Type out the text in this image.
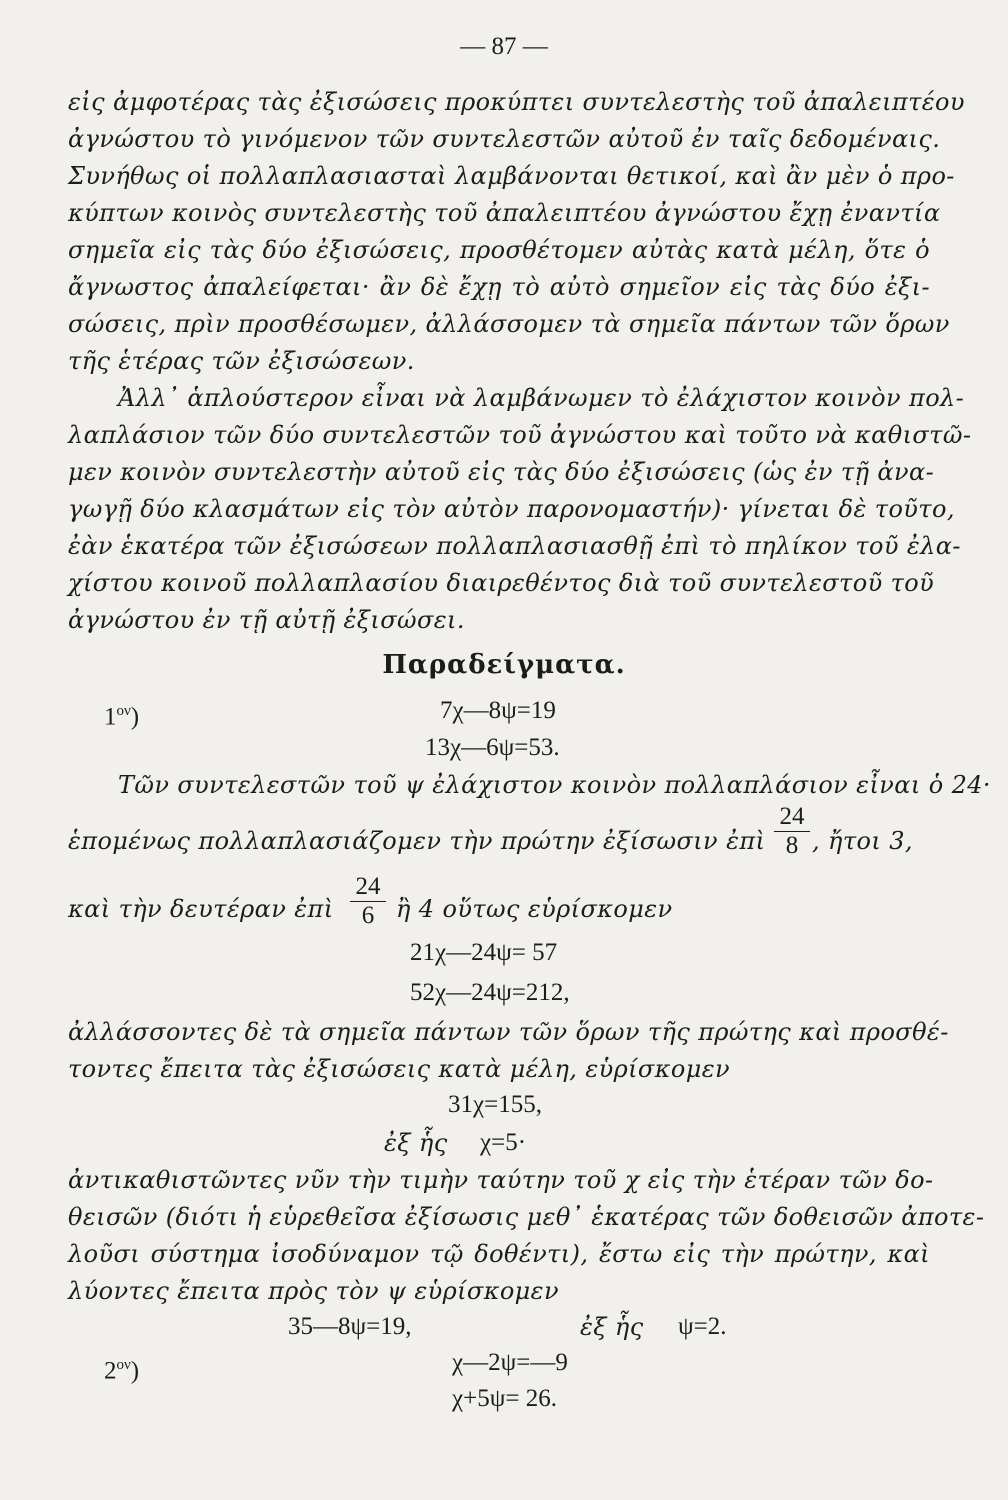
— 87 —
εἰς ἀμφοτέρας τὰς ἐξισώσεις προκύπτει συντελεστὴς τοῦ ἀπαλειπτέου
ἀγνώστου τὸ γινόμενον τῶν συντελεστῶν αὐτοῦ ἐν ταῖς δεδομέναις.
Συνήθως οἱ πολλαπλασιασταὶ λαμβάνονται θετικοί, καὶ ἂν μὲν ὁ προ-
κύπτων κοινὸς συντελεστὴς τοῦ ἀπαλειπτέου ἀγνώστου ἔχῃ ἐναντία
σημεῖα εἰς τὰς δύο ἐξισώσεις, προσθέτομεν αὐτὰς κατὰ μέλη, ὅτε ὁ
ἄγνωστος ἀπαλείφεται· ἂν δὲ ἔχῃ τὸ αὐτὸ σημεῖον εἰς τὰς δύο ἐξι-
σώσεις, πρὶν προσθέσωμεν, ἀλλάσσομεν τὰ σημεῖα πάντων τῶν ὅρων
τῆς ἑτέρας τῶν ἐξισώσεων.
Ἀλλ᾽ ἁπλούστερον εἶναι νὰ λαμβάνωμεν τὸ ἐλάχιστον κοινὸν πολ-
λαπλάσιον τῶν δύο συντελεστῶν τοῦ ἀγνώστου καὶ τοῦτο νὰ καθιστῶ-
μεν κοινὸν συντελεστὴν αὐτοῦ εἰς τὰς δύο ἐξισώσεις (ὡς ἐν τῇ ἀνα-
γωγῇ δύο κλασμάτων εἰς τὸν αὐτὸν παρονομαστήν)· γίνεται δὲ τοῦτο,
ἐὰν ἑκατέρα τῶν ἐξισώσεων πολλαπλασιασθῇ ἐπὶ τὸ πηλίκον τοῦ ἐλα-
χίστου κοινοῦ πολλαπλασίου διαιρεθέντος διὰ τοῦ συντελεστοῦ τοῦ
ἀγνώστου ἐν τῇ αὐτῇ ἐξισώσει.
Παραδείγματα.
$1^{o\nu}$)	7χ—8ψ=19
13χ—6ψ=53.
Τῶν συντελεστῶν τοῦ ψ ἐλάχιστον κοινὸν πολλαπλάσιον εἶναι ὁ 24·
ἑπομένως πολλαπλασιάζομεν τὴν πρώτην ἐξίσωσιν ἐπὶ
24
8 , ἤτοι 3,
καὶ τὴν δευτέραν ἐπὶ
24
6 ἢ 4 οὕτως εὑρίσκομεν
21χ—24ψ= 57
52χ—24ψ=212,
ἀλλάσσοντες δὲ τὰ σημεῖα πάντων τῶν ὅρων τῆς πρώτης καὶ προσθέ-
τοντες ἔπειτα τὰς ἐξισώσεις κατὰ μέλη, εὑρίσκομεν
31χ=155,
ἐξ ἧς	χ=5·
ἀντικαθιστῶντες νῦν τὴν τιμὴν ταύτην τοῦ χ εἰς τὴν ἑτέραν τῶν δο-
θεισῶν (διότι ἡ εὑρεθεῖσα ἐξίσωσις μεθ᾽ ἑκατέρας τῶν δοθεισῶν ἀποτε-
λοῦσι σύστημα ἰσοδύναμον τῷ δοθέντι), ἔστω εἰς τὴν πρώτην, καὶ
λύοντες ἔπειτα πρὸς τὸν ψ εὑρίσκομεν
35—8ψ=19,	ἐξ ἧς	ψ=2.
$2^{o\nu}$)	χ—2ψ=—9
χ+5ψ= 26.
